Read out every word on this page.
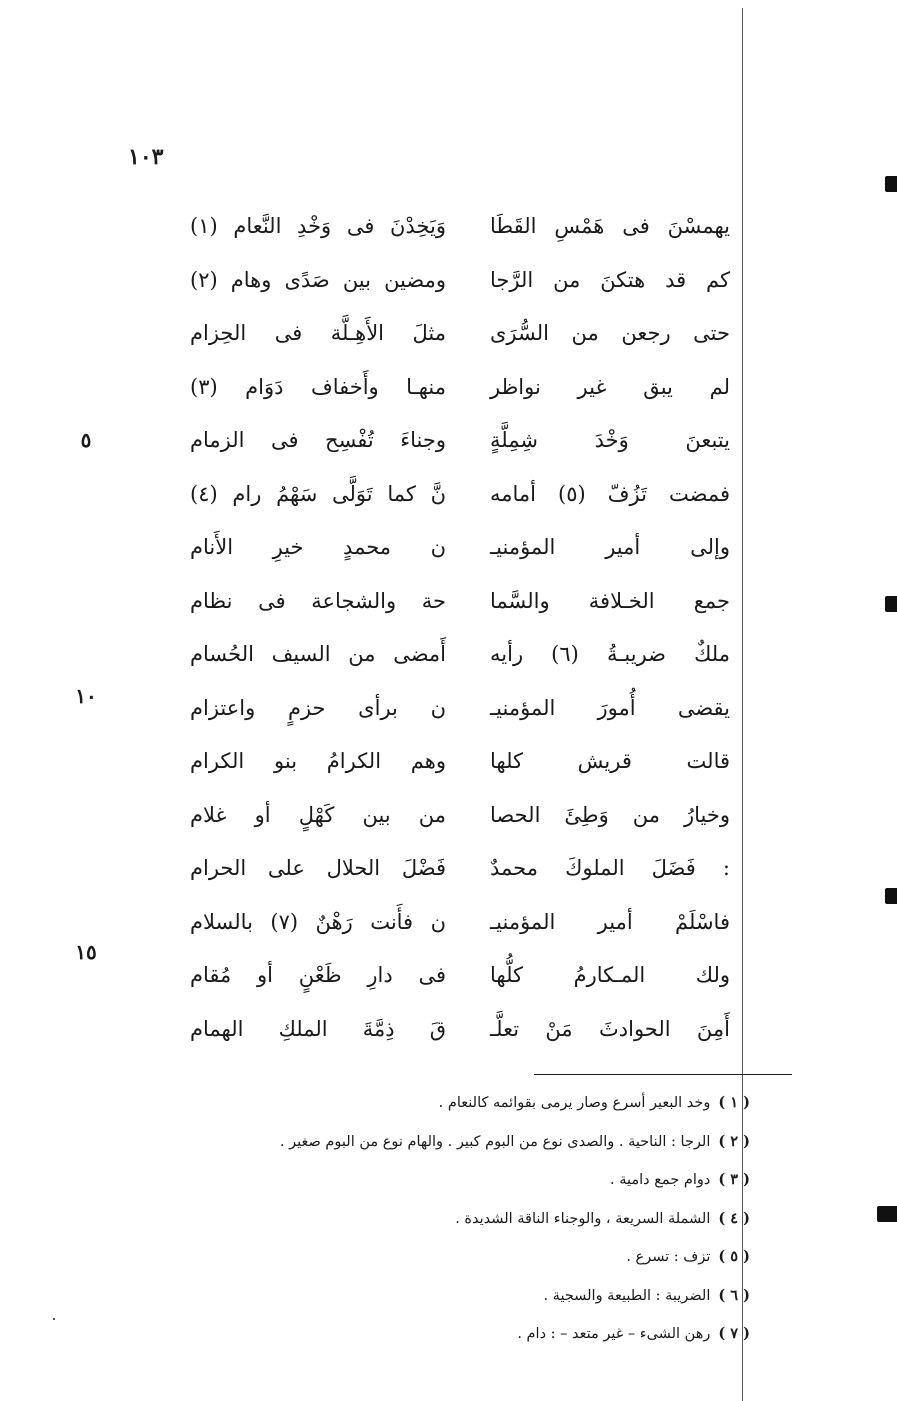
١٠٣
٥
١٠
١٥
يهمسْنَ فى هَمْسِ القَطَا
وَيَخِدْنَ فى وَخْدِ النَّعام (١)
كم قد هتكنَ من الرَّجا
ومضين بين صَدًى وهام (٢)
حتى رجعن من السُّرَى
مثلَ الأَهِـلَّة فى الحِزام
لم يبق غير نواظر
منهـا وأَخفاف دَوَام (٣)
يتبعنَ وَخْدَ شِمِلَّةٍ
وجناءَ تُفْسِح فى الزمام
فمضت تَزُفّ (٥) أمامه
نَّ كما تَوَلَّى سَهْمُ رام (٤)
وإلى أمير المؤمنيـ
ن محمدٍ خيرِ الأَنام
جمع الخـلافة والسَّما
حة والشجاعة فى نظام
ملكٌ ضريبـةُ (٦) رأيه
أَمضى من السيف الحُسام
يقضى أُمورَ المؤمنيـ
ن برأى حزمٍ واعتزام
قالت قريش كلها
وهم الكرامُ بنو الكرام
وخيارُ من وَطِئَ الحصا
من بين كَهْلٍ أو غلام
: فَضَلَ الملوكَ محمدٌ
فَضْلَ الحلال على الحرام
فاسْلَمْ أمير المؤمنيـ
ن فأَنت رَهْنٌ (٧) بالسلام
ولك المـكارمُ كلُّها
فى دارِ ظَعْنٍ أو مُقام
أَمِنَ الحوادثَ مَنْ تعلَّـ
قَ ذِمَّةَ الملكِ الهمام
( ١ )وخد البعير أسرع وصار يرمى بقوائمه كالنعام .
( ٢ )الرجا : الناحية . والصدى نوع من البوم كبير . والهام نوع من البوم صغير .
( ٣ )دوام جمع دامية .
( ٤ )الشملة السريعة ، والوجناء الناقة الشديدة .
( ٥ )تزف : تسرع .
( ٦ )الضريبة : الطبيعة والسجية .
( ٧ )رهن الشىء – غير متعد – : دام .
